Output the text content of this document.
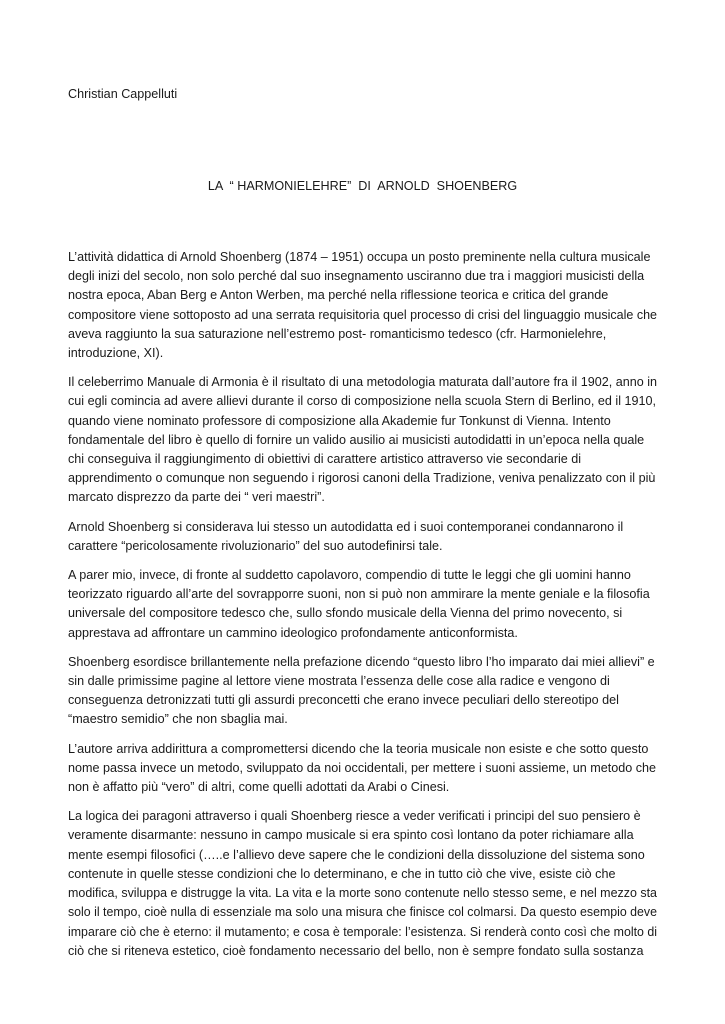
Christian Cappelluti
LA  “ HARMONIELEHRE”  DI  ARNOLD  SHOENBERG

L’attività didattica di Arnold Shoenberg (1874 – 1951) occupa un posto preminente nella cultura musicale
degli inizi del secolo, non solo perché dal suo insegnamento usciranno due tra i maggiori musicisti della
nostra epoca, Aban Berg e Anton Werben, ma perché nella riflessione teorica e critica del grande
compositore viene sottoposto ad una serrata requisitoria quel processo di crisi del linguaggio musicale che
aveva raggiunto la sua saturazione nell’estremo post- romanticismo tedesco (cfr. Harmonielehre,
introduzione, XI).

Il celeberrimo Manuale di Armonia è il risultato di una metodologia maturata dall’autore fra il 1902, anno in
cui egli comincia ad avere allievi durante il corso di composizione nella scuola Stern di Berlino, ed il 1910,
quando viene nominato professore di composizione alla Akademie fur Tonkunst di Vienna. Intento
fondamentale del libro è quello di fornire un valido ausilio ai musicisti autodidatti in un’epoca nella quale
chi conseguiva il raggiungimento di obiettivi di carattere artistico attraverso vie secondarie di
apprendimento o comunque non seguendo i rigorosi canoni della Tradizione, veniva penalizzato con il più
marcato disprezzo da parte dei “ veri maestri”.

Arnold Shoenberg si considerava lui stesso un autodidatta ed i suoi contemporanei condannarono il
carattere “pericolosamente rivoluzionario” del suo autodefinirsi tale.

A parer mio, invece, di fronte al suddetto capolavoro, compendio di tutte le leggi che gli uomini hanno
teorizzato riguardo all’arte del sovrapporre suoni, non si può non ammirare la mente geniale e la filosofia
universale del compositore tedesco che, sullo sfondo musicale della Vienna del primo novecento, si
apprestava ad affrontare un cammino ideologico profondamente anticonformista.

Shoenberg esordisce brillantemente nella prefazione dicendo “questo libro l’ho imparato dai miei allievi” e
sin dalle primissime pagine al lettore viene mostrata l’essenza delle cose alla radice e vengono di
conseguenza detronizzati tutti gli assurdi preconcetti che erano invece peculiari dello stereotipo del
“maestro semidio” che non sbaglia mai.

L’autore arriva addirittura a compromettersi dicendo che la teoria musicale non esiste e che sotto questo
nome passa invece un metodo, sviluppato da noi occidentali, per mettere i suoni assieme, un metodo che
non è affatto più “vero” di altri, come quelli adottati da Arabi o Cinesi.

La logica dei paragoni attraverso i quali Shoenberg riesce a veder verificati i principi del suo pensiero è
veramente disarmante: nessuno in campo musicale si era spinto così lontano da poter richiamare alla
mente esempi filosofici (…..e l’allievo deve sapere che le condizioni della dissoluzione del sistema sono
contenute in quelle stesse condizioni che lo determinano, e che in tutto ciò che vive, esiste ciò che
modifica, sviluppa e distrugge la vita. La vita e la morte sono contenute nello stesso seme, e nel mezzo sta
solo il tempo, cioè nulla di essenziale ma solo una misura che finisce col colmarsi. Da questo esempio deve
imparare ciò che è eterno: il mutamento; e cosa è temporale: l’esistenza. Si renderà conto così che molto di
ciò che si riteneva estetico, cioè fondamento necessario del bello, non è sempre fondato sulla sostanza
